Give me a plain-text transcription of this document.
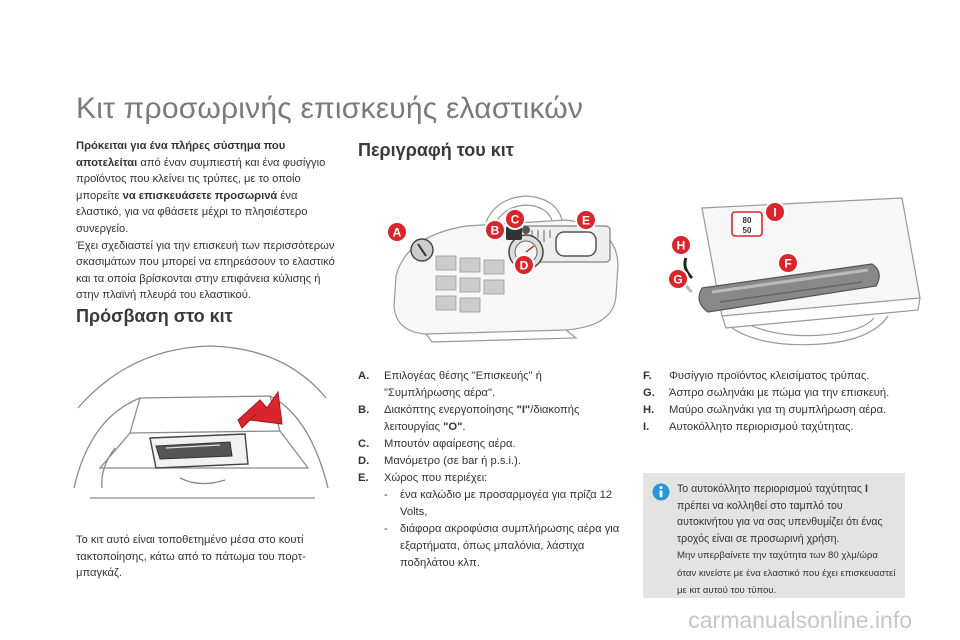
Κιτ προσωρινής επισκευής ελαστικών
Πρόκειται για ένα πλήρες σύστημα που αποτελείται από έναν συμπιεστή και ένα φυσίγγιο προϊόντος που κλείνει τις τρύπες, με το οποίο μπορείτε να επισκευάσετε προσωρινά ένα ελαστικό, για να φθάσετε μέχρι το πλησιέστερο συνεργείο.
Έχει σχεδιαστεί για την επισκευή των περισσότερων σκασιμάτων που μπορεί να επηρεάσουν το ελαστικό και τα οποία βρίσκονται στην επιφάνεια κύλισης ή στην πλαϊνή πλευρά του ελαστικού.
Πρόσβαση στο κιτ
Το κιτ αυτό είναι τοποθετημένο μέσα στο κουτί τακτοποίησης, κάτω από το πάτωμα του πορτ-μπαγκάζ.
Περιγραφή του κιτ
A	B
C
D
E	80
50
F
G
H
I
A.	Επιλογέας θέσης "Επισκευής" ή "Συμπλήρωσης αέρα".
B.	Διακόπτης ενεργοποίησης "I"/διακοπής λειτουργίας "O".
C.	Μπουτόν αφαίρεσης αέρα.
D.	Μανόμετρο (σε bar ή p.s.i.).
E.	Χώρος που περιέχει:
-	ένα καλώδιο με προσαρμογέα για πρίζα 12 Volts,
-	διάφορα ακροφύσια συμπλήρωσης αέρα για εξαρτήματα, όπως μπαλόνια, λάστιχα ποδηλάτου κλπ.
F.	Φυσίγγιο προϊόντος κλεισίματος τρύπας.
G.	Άσπρο σωληνάκι με πώμα για την επισκευή.
H.	Μαύρο σωληνάκι για τη συμπλήρωση αέρα.
I.	Αυτοκόλλητο περιορισμού ταχύτητας.
Το αυτοκόλλητο περιορισμού ταχύτητας I πρέπει να κολληθεί στο ταμπλό του αυτοκινήτου για να σας υπενθυμίζει ότι ένας τροχός είναι σε προσωρινή χρήση.
Μην υπερβαίνετε την ταχύτητα των 80 χλμ/ώρα όταν κινείστε με ένα ελαστικό που έχει επισκευαστεί με κιτ αυτού του τύπου.
carmanualsonline.info
